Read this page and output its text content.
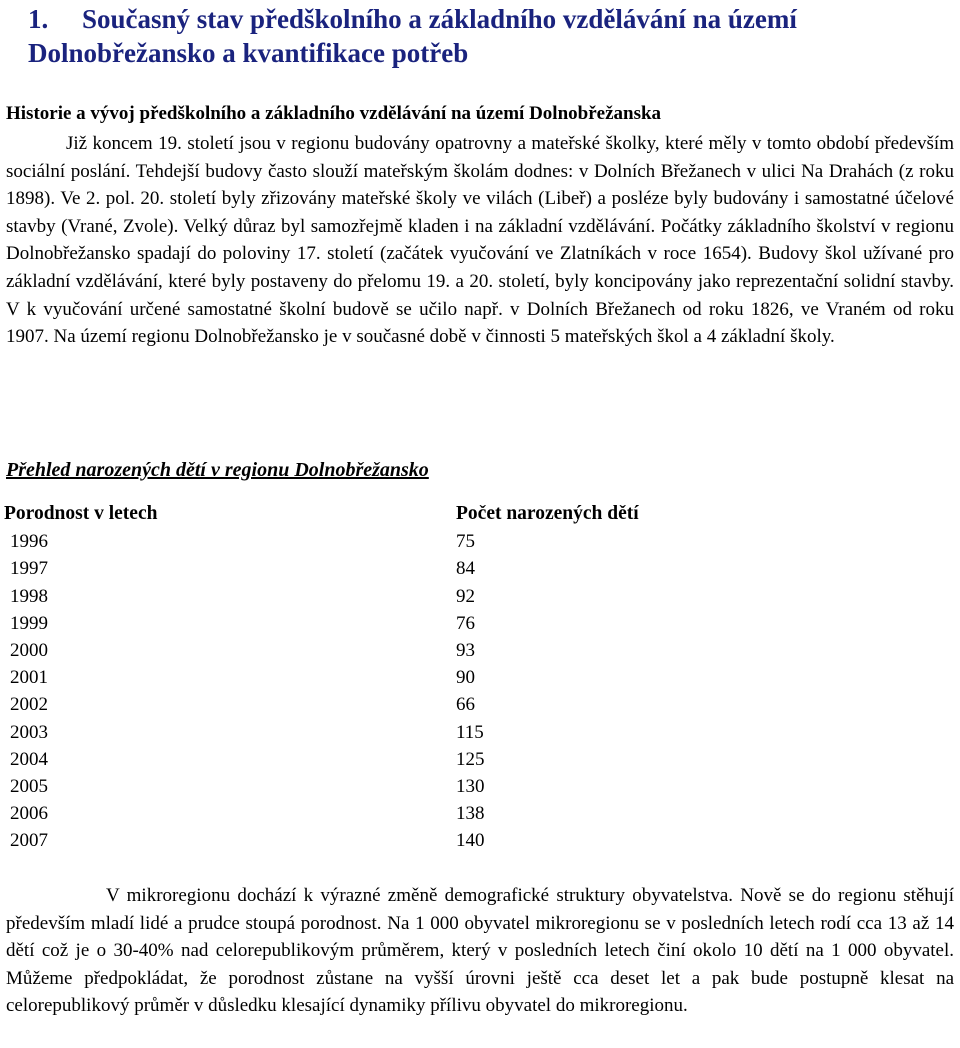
1. Současný stav předškolního a základního vzdělávání na území Dolnobřežansko a kvantifikace potřeb
Historie a vývoj předškolního a základního vzdělávání na území Dolnobřežanska

Již koncem 19. století jsou v regionu budovány opatrovny a mateřské školky, které měly v tomto období především sociální poslání. Tehdejší budovy často slouží mateřským školám dodnes: v Dolních Břežanech v ulici Na Drahách (z roku 1898). Ve 2. pol. 20. století byly zřizovány mateřské školy ve vilách (Libeř) a posléze byly budovány i samostatné účelové stavby (Vrané, Zvole). Velký důraz byl samozřejmě kladen i na základní vzdělávání. Počátky základního školství v regionu Dolnobřežansko spadají do poloviny 17. století (začátek vyučování ve Zlatníkách v roce 1654). Budovy škol užívané pro základní vzdělávání, které byly postaveny do přelomu 19. a 20. století, byly koncipovány jako reprezentační solidní stavby. V k vyučování určené samostatné školní budově se učilo např. v Dolních Břežanech od roku 1826, ve Vraném od roku 1907. Na území regionu Dolnobřežansko je v současné době v činnosti 5 mateřských škol a 4 základní školy.

Přehled narozených dětí v regionu Dolnobřežansko
Porodnost v letech	Počet narozených dětí
1996	75
1997	84
1998	92
1999	76
2000	93
2001	90
2002	66
2003	115
2004	125
2005	130
2006	138
2007	140

V mikroregionu dochází k výrazné změně demografické struktury obyvatelstva. Nově se do regionu stěhují především mladí lidé a prudce stoupá porodnost. Na 1 000 obyvatel mikroregionu se v posledních letech rodí cca 13 až 14 dětí což je o 30-40% nad celorepublikovým průměrem, který v posledních letech činí okolo 10 dětí na 1 000 obyvatel. Můžeme předpokládat, že porodnost zůstane na vyšší úrovni ještě cca deset let a pak bude postupně klesat na celorepublikový průměr v důsledku klesající dynamiky přílivu obyvatel do mikroregionu.
